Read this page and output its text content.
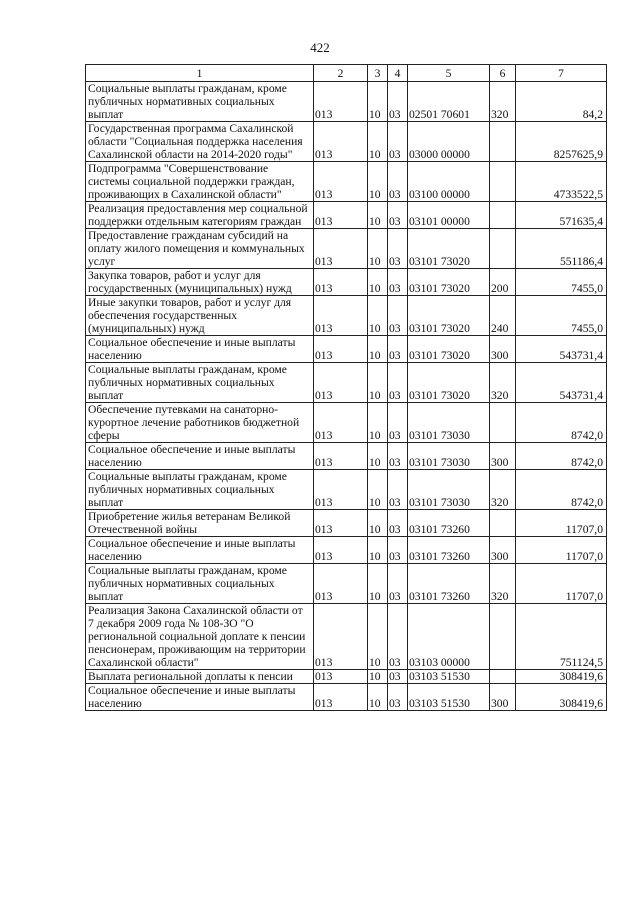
422
1	2	3	4	5	6	7
Социальные выплаты гражданам, кроме публичных нормативных социальных выплат	013	10	03	02501 70601	320	84,2
Государственная программа Сахалинской области "Социальная поддержка населения Сахалинской области на 2014-2020 годы"	013	10	03	03000 00000		8257625,9
Подпрограмма "Совершенствование системы социальной поддержки граждан, проживающих в Сахалинской области"	013	10	03	03100 00000		4733522,5
Реализация предоставления мер социальной поддержки отдельным категориям граждан	013	10	03	03101 00000		571635,4
Предоставление гражданам субсидий на оплату жилого помещения и коммунальных услуг	013	10	03	03101 73020		551186,4
Закупка товаров, работ и услуг для государственных (муниципальных) нужд	013	10	03	03101 73020	200	7455,0
Иные закупки товаров, работ и услуг для обеспечения государственных (муниципальных) нужд	013	10	03	03101 73020	240	7455,0
Социальное обеспечение и иные выплаты населению	013	10	03	03101 73020	300	543731,4
Социальные выплаты гражданам, кроме публичных нормативных социальных выплат	013	10	03	03101 73020	320	543731,4
Обеспечение путевками на санаторно-курортное лечение работников бюджетной сферы	013	10	03	03101 73030		8742,0
Социальное обеспечение и иные выплаты населению	013	10	03	03101 73030	300	8742,0
Социальные выплаты гражданам, кроме публичных нормативных социальных выплат	013	10	03	03101 73030	320	8742,0
Приобретение жилья ветеранам Великой Отечественной войны	013	10	03	03101 73260		11707,0
Социальное обеспечение и иные выплаты населению	013	10	03	03101 73260	300	11707,0
Социальные выплаты гражданам, кроме публичных нормативных социальных выплат	013	10	03	03101 73260	320	11707,0
Реализация Закона Сахалинской области от 7 декабря 2009 года № 108-ЗО "О региональной социальной доплате к пенсии пенсионерам, проживающим на территории Сахалинской области"	013	10	03	03103 00000		751124,5
Выплата региональной доплаты к пенсии	013	10	03	03103 51530		308419,6
Социальное обеспечение и иные выплаты населению	013	10	03	03103 51530	300	308419,6
